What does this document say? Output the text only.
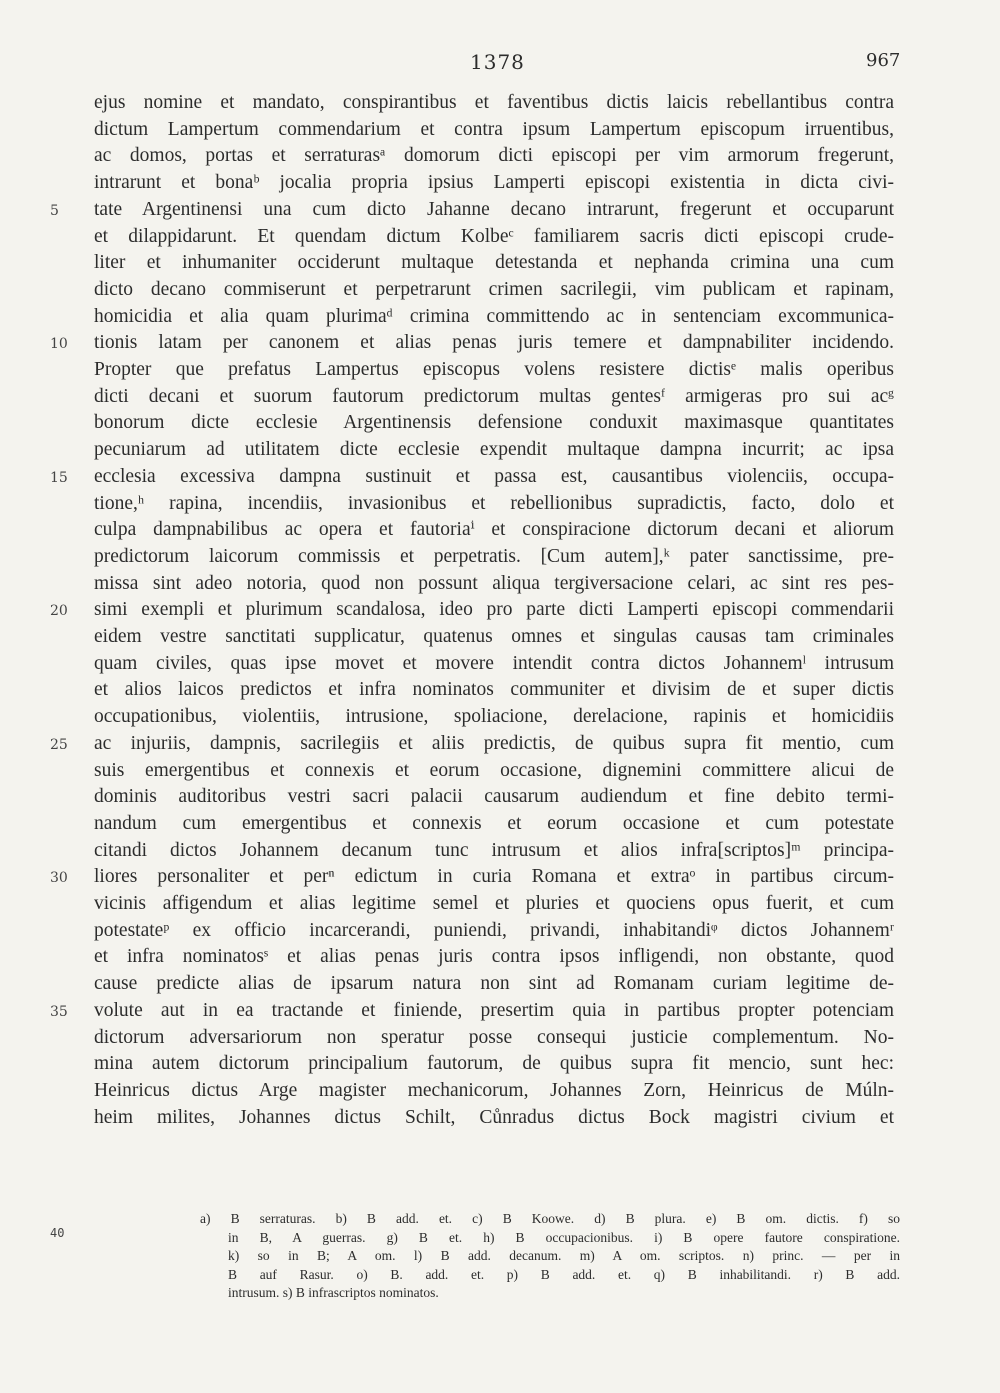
1378	967
ejus nomine et mandato, conspirantibus et faventibus dictis laicis rebellantibus contra
dictum Lampertum commendarium et contra ipsum Lampertum episcopum irruentibus,
ac domos, portas et serraturasᵃ domorum dicti episcopi per vim armorum fregerunt,
intrarunt et bonaᵇ jocalia propria ipsius Lamperti episcopi existentia in dicta civi-
tate Argentinensi una cum dicto Jahanne decano intrarunt, fregerunt et occuparunt
et dilappidarunt. Et quendam dictum Kolbeᶜ familiarem sacris dicti episcopi crude-
liter et inhumaniter occiderunt multaque detestanda et nephanda crimina una cum
dicto decano commiserunt et perpetrarunt crimen sacrilegii, vim publicam et rapinam,
homicidia et alia quam plurimaᵈ crimina committendo ac in sentenciam excommunica-
tionis latam per canonem et alias penas juris temere et dampnabiliter incidendo.
Propter que prefatus Lampertus episcopus volens resistere dictisᵉ malis operibus
dicti decani et suorum fautorum predictorum multas gentesᶠ armigeras pro sui acᵍ
bonorum dicte ecclesie Argentinensis defensione conduxit maximasque quantitates
pecuniarum ad utilitatem dicte ecclesie expendit multaque dampna incurrit; ac ipsa
ecclesia excessiva dampna sustinuit et passa est, causantibus violenciis, occupa-
tione,ʰ rapina, incendiis, invasionibus et rebellionibus supradictis, facto, dolo et
culpa dampnabilibus ac opera et fautoriaⁱ et conspiracione dictorum decani et aliorum
predictorum laicorum commissis et perpetratis. [Cum autem],ᵏ pater sanctissime, pre-
missa sint adeo notoria, quod non possunt aliqua tergiversacione celari, ac sint res pes-
simi exempli et plurimum scandalosa, ideo pro parte dicti Lamperti episcopi commendarii
eidem vestre sanctitati supplicatur, quatenus omnes et singulas causas tam criminales
quam civiles, quas ipse movet et movere intendit contra dictos Johannemˡ intrusum
et alios laicos predictos et infra nominatos communiter et divisim de et super dictis
occupationibus, violentiis, intrusione, spoliacione, derelacione, rapinis et homicidiis
ac injuriis, dampnis, sacrilegiis et aliis predictis, de quibus supra fit mentio, cum
suis emergentibus et connexis et eorum occasione, dignemini committere alicui de
dominis auditoribus vestri sacri palacii causarum audiendum et fine debito termi-
nandum cum emergentibus et connexis et eorum occasione et cum potestate
citandi dictos Johannem decanum tunc intrusum et alios infra[scriptos]ᵐ principa-
liores personaliter et perⁿ edictum in curia Romana et extraᵒ in partibus circum-
vicinis affigendum et alias legitime semel et pluries et quociens opus fuerit, et cum
potestateᵖ ex officio incarcerandi, puniendi, privandi, inhabitandiᵠ dictos Johannemʳ
et infra nominatosˢ et alias penas juris contra ipsos infligendi, non obstante, quod
cause predicte alias de ipsarum natura non sint ad Romanam curiam legitime de-
volute aut in ea tractande et finiende, presertim quia in partibus propter potenciam
dictorum adversariorum non speratur posse consequi justicie complementum. No-
mina autem dictorum principalium fautorum, de quibus supra fit mencio, sunt hec:
Heinricus dictus Arge magister mechanicorum, Johannes Zorn, Heinricus de Múln-
heim milites, Johannes dictus Schilt, Cůnradus dictus Bock magistri civium et
5
10
15
20
25
30
35
40
a) B serraturas. b) B add. et. c) B Koowe. d) B plura. e) B om. dictis. f) so
in B, A guerras. g) B et. h) B occupacionibus. i) B opere fautore conspiratione.
k) so in B; A om. l) B add. decanum. m) A om. scriptos. n) princ. — per in
B auf Rasur. o) B. add. et. p) B add. et. q) B inhabilitandi. r) B add.
intrusum. s) B infrascriptos nominatos.
